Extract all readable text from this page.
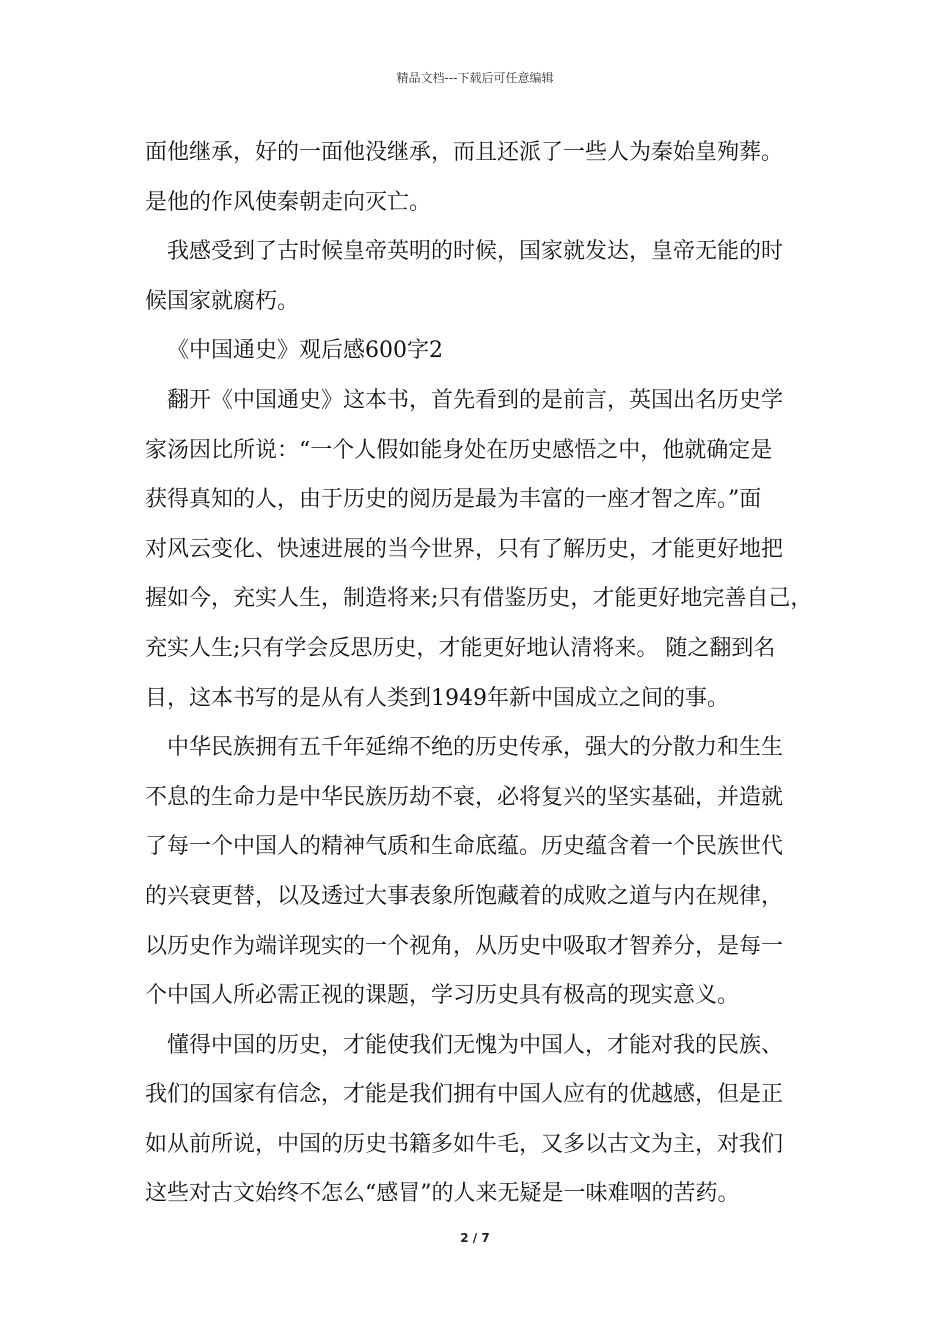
精品文档---下载后可任意编辑
面他继承，好的一面他没继承，而且还派了一些人为秦始皇殉葬。
是他的作风使秦朝走向灭亡。
我感受到了古时候皇帝英明的时候，国家就发达，皇帝无能的时
候国家就腐朽。
《中国通史》观后感600字2
翻开《中国通史》这本书，首先看到的是前言，英国出名历史学
家汤因比所说：“一个人假如能身处在历史感悟之中，他就确定是
获得真知的人，由于历史的阅历是最为丰富的一座才智之库。”面
对风云变化、快速进展的当今世界，只有了解历史，才能更好地把
握如今，充实人生，制造将来;只有借鉴历史，才能更好地完善自己，
充实人生;只有学会反思历史，才能更好地认清将来。 随之翻到名
目，这本书写的是从有人类到1949年新中国成立之间的事。
中华民族拥有五千年延绵不绝的历史传承，强大的分散力和生生
不息的生命力是中华民族历劫不衰，必将复兴的坚实基础，并造就
了每一个中国人的精神气质和生命底蕴。历史蕴含着一个民族世代
的兴衰更替，以及透过大事表象所饱藏着的成败之道与内在规律，
以历史作为端详现实的一个视角，从历史中吸取才智养分，是每一
个中国人所必需正视的课题，学习历史具有极高的现实意义。
懂得中国的历史，才能使我们无愧为中国人，才能对我的民族、
我们的国家有信念，才能是我们拥有中国人应有的优越感，但是正
如从前所说，中国的历史书籍多如牛毛，又多以古文为主，对我们
这些对古文始终不怎么“感冒”的人来无疑是一味难咽的苦药。
2 / 7
